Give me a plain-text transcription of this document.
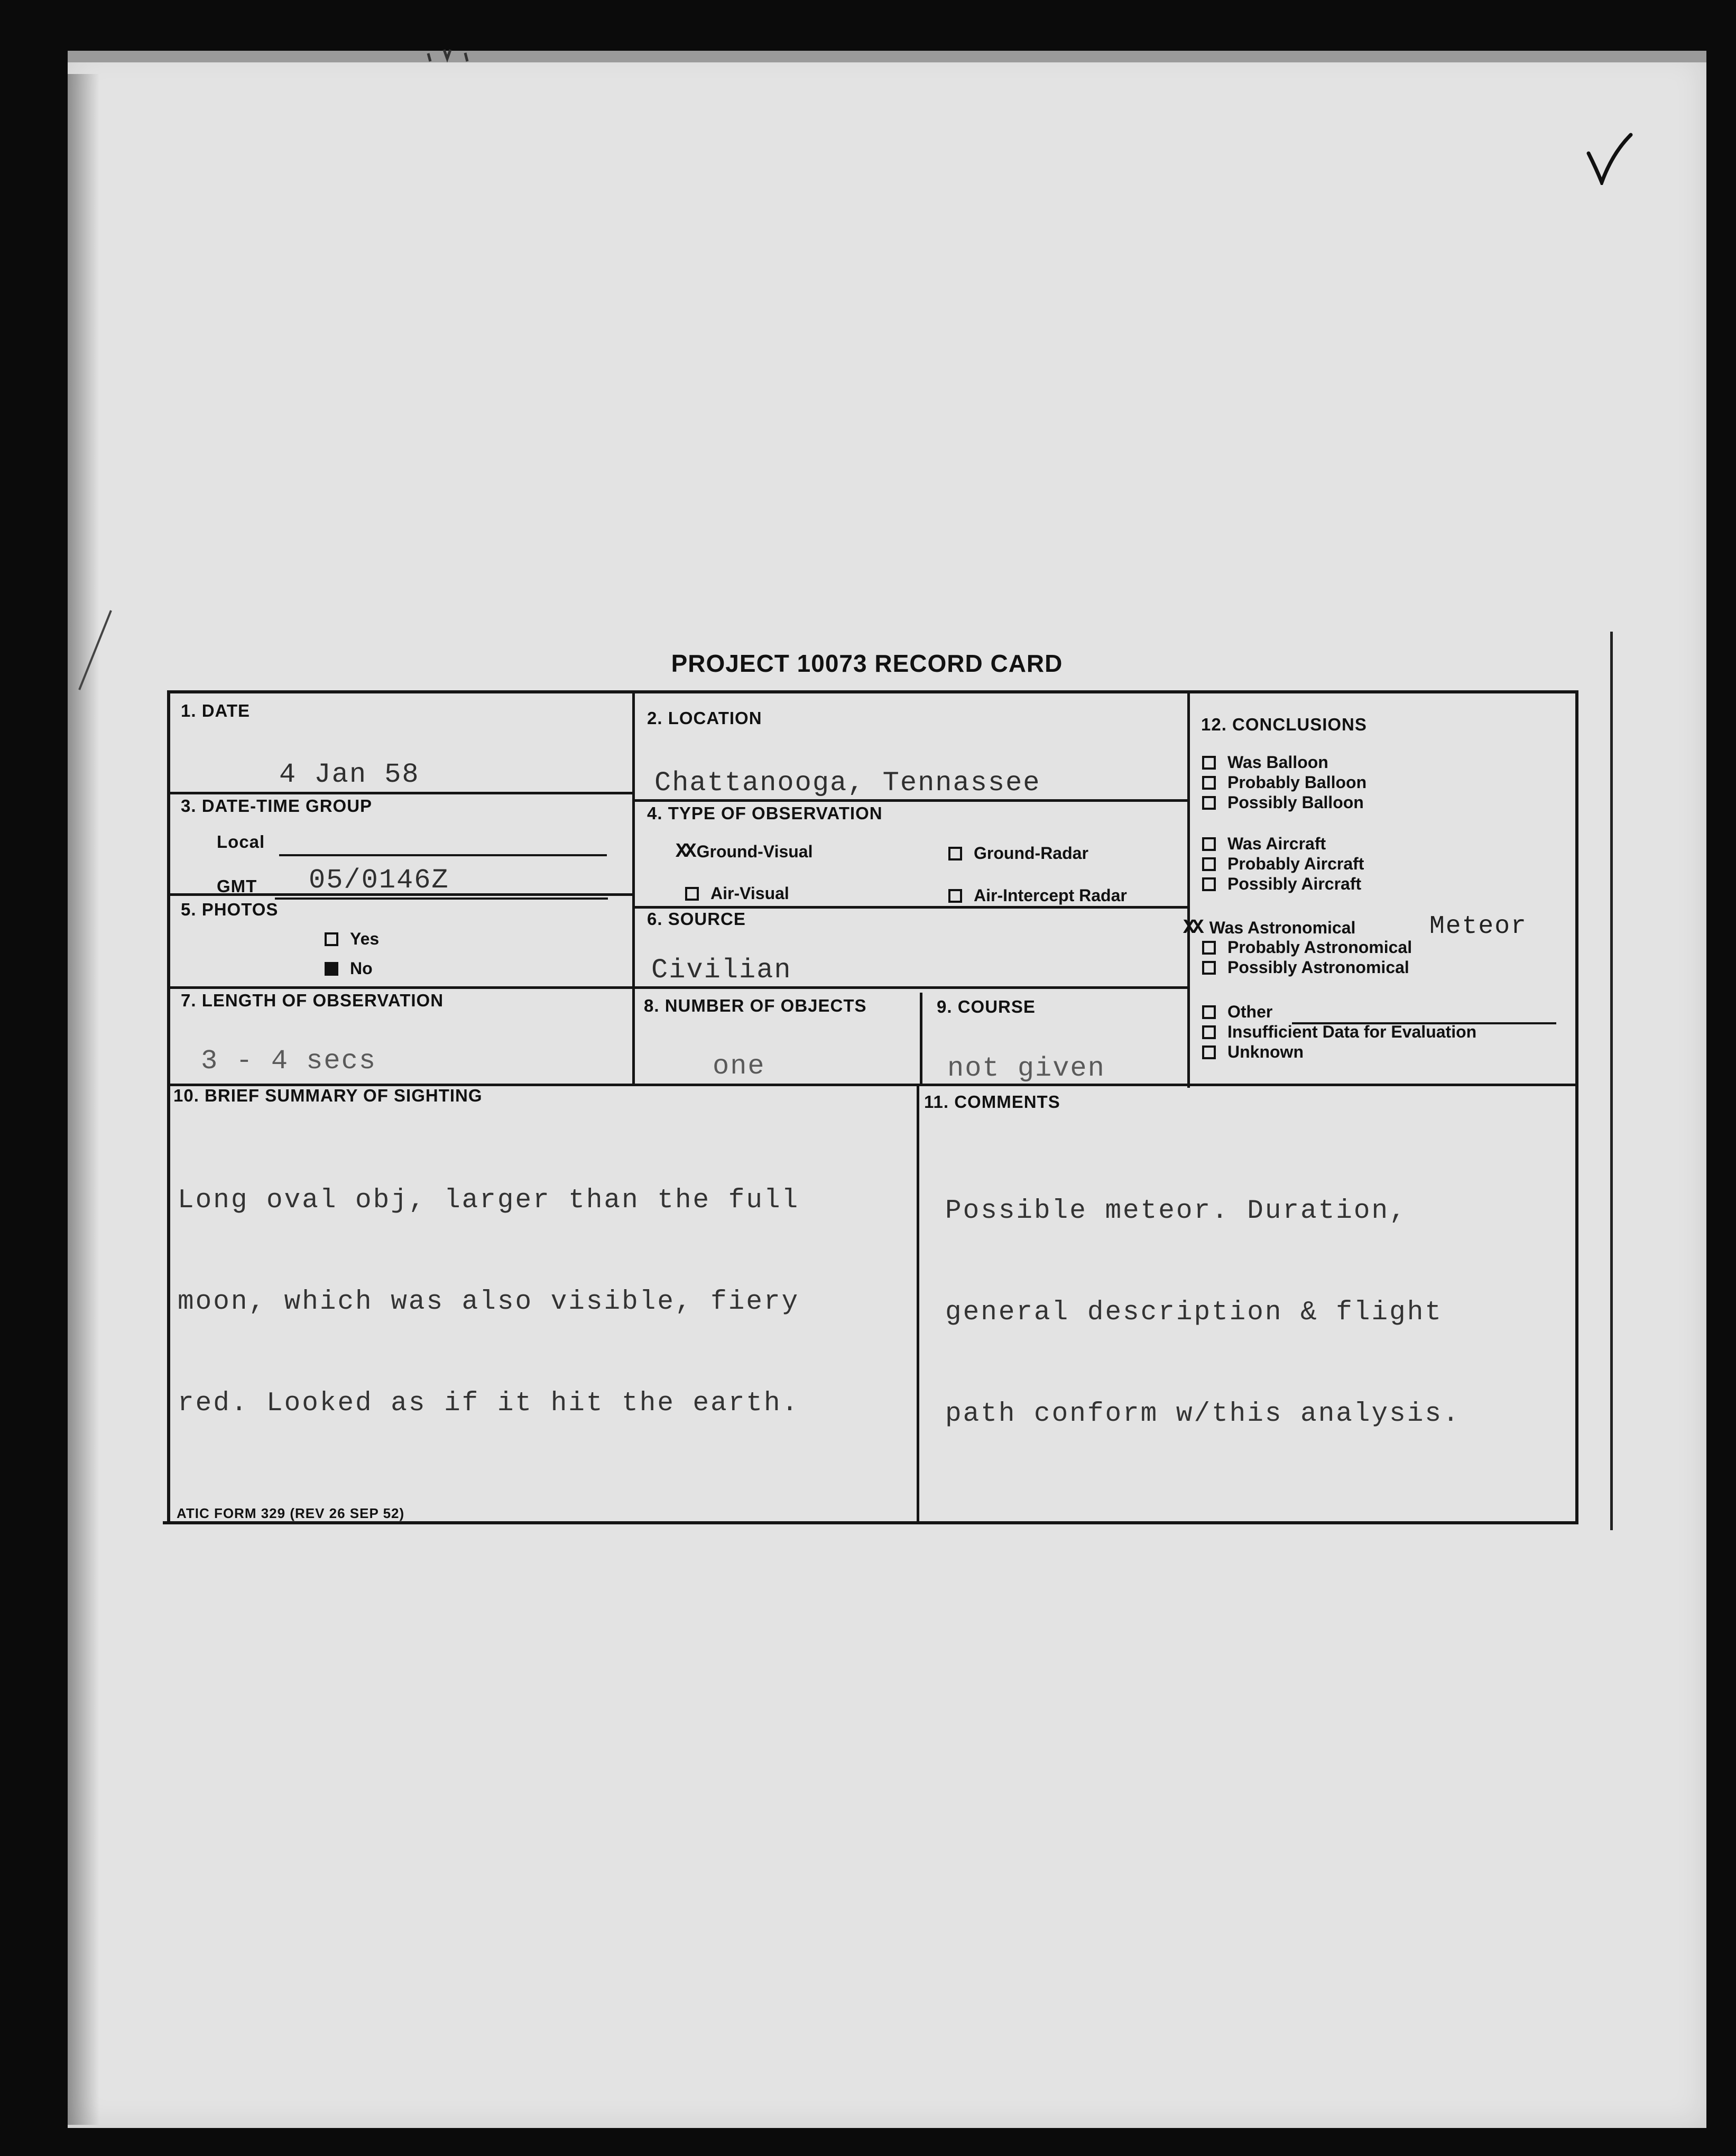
PROJECT 10073 RECORD CARD
1. DATE
4 Jan 58
2. LOCATION
Chattanooga, Tennassee
3. DATE-TIME GROUP
Local
GMT 05/0146Z
4. TYPE OF OBSERVATION
XX Ground-Visual	Ground-Radar
Air-Visual	Air-Intercept Radar
5. PHOTOS
Yes
No
6. SOURCE
Civilian
7. LENGTH OF OBSERVATION
3 - 4 secs
8. NUMBER OF OBJECTS
one
9. COURSE
not given
10. BRIEF SUMMARY OF SIGHTING

Long oval obj, larger than the full

moon, which was also visible, fiery

red. Looked as if it hit the earth.

11. COMMENTS

Possible meteor. Duration,

general description & flight

path conform w/this analysis.

12. CONCLUSIONS
Was Balloon
Probably Balloon
Possibly Balloon
Was Aircraft
Probably Aircraft
Possibly Aircraft
XX Was Astronomical	Meteor
Probably Astronomical
Possibly Astronomical
Other
Insufficient Data for Evaluation
Unknown
ATIC FORM 329 (REV 26 SEP 52)
